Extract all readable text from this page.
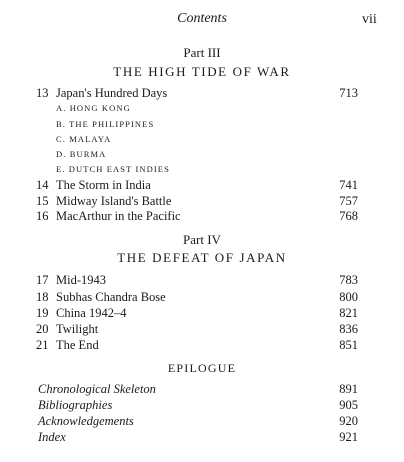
Contents	vii
Part III
THE HIGH TIDE OF WAR
13 Japan's Hundred Days	713
A. HONG KONG
B. THE PHILIPPINES
C. MALAYA
D. BURMA
E. DUTCH EAST INDIES
14 The Storm in India	741
15 Midway Island's Battle	757
16 MacArthur in the Pacific	768
Part IV
THE DEFEAT OF JAPAN
17 Mid-1943	783
18 Subhas Chandra Bose	800
19 China 1942–4	821
20 Twilight	836
21 The End	851
EPILOGUE
Chronological Skeleton	891
Bibliographies	905
Acknowledgements	920
Index	921
